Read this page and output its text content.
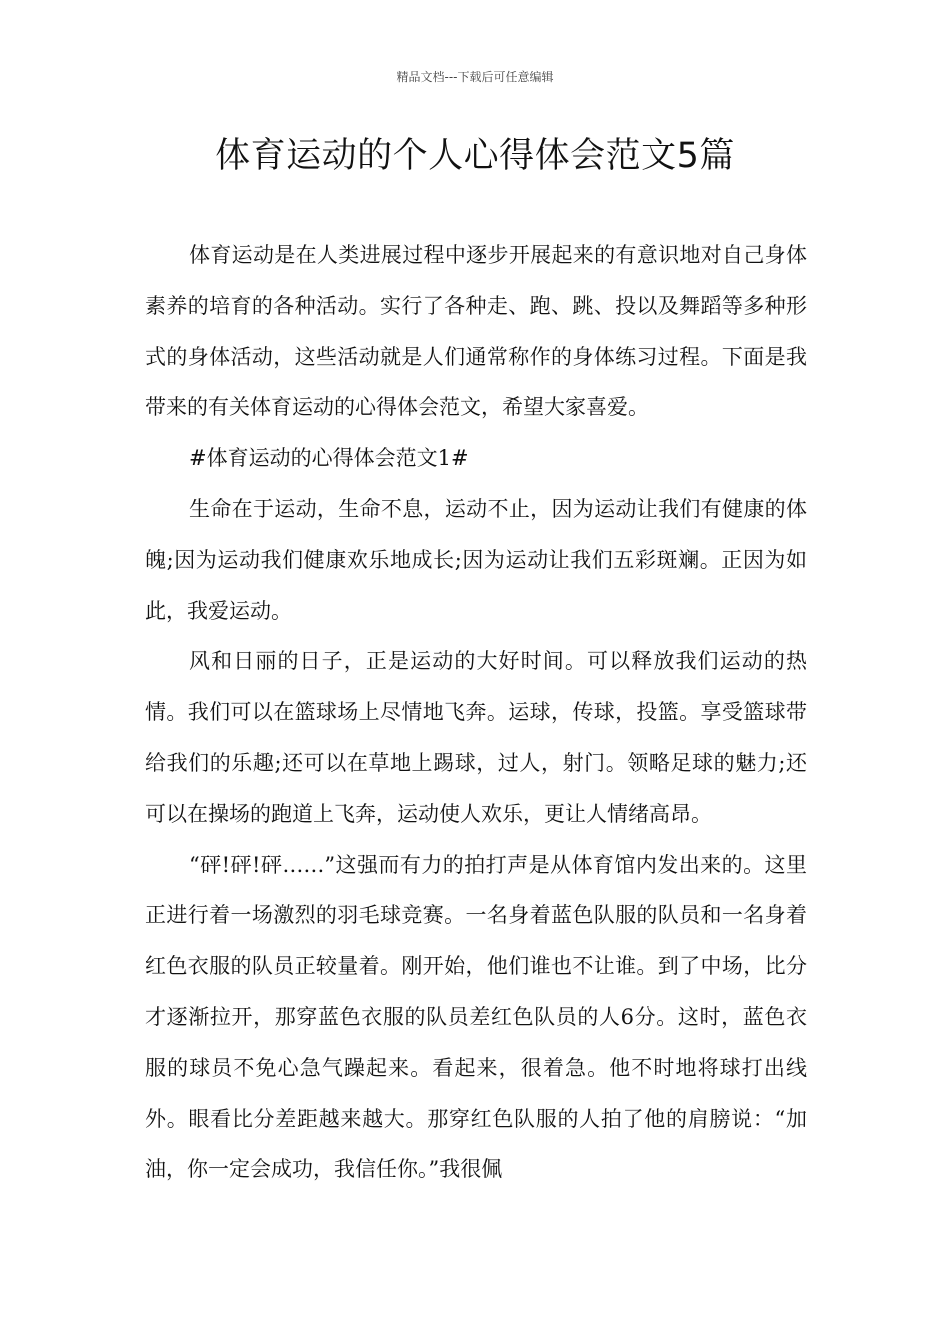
精品文档---下载后可任意编辑
体育运动的个人心得体会范文5篇

体育运动是在人类进展过程中逐步开展起来的有意识地对自己身体素养的培育的各种活动。实行了各种走、跑、跳、投以及舞蹈等多种形式的身体活动，这些活动就是人们通常称作的身体练习过程。下面是我带来的有关体育运动的心得体会范文，希望大家喜爱。

#体育运动的心得体会范文1#

生命在于运动，生命不息，运动不止，因为运动让我们有健康的体魄;因为运动我们健康欢乐地成长;因为运动让我们五彩斑斓。正因为如此，我爱运动。

风和日丽的日子，正是运动的大好时间。可以释放我们运动的热情。我们可以在篮球场上尽情地飞奔。运球，传球，投篮。享受篮球带给我们的乐趣;还可以在草地上踢球，过人，射门。领略足球的魅力;还可以在操场的跑道上飞奔，运动使人欢乐，更让人情绪高昂。

“砰!砰!砰……”这强而有力的拍打声是从体育馆内发出来的。这里正进行着一场激烈的羽毛球竞赛。一名身着蓝色队服的队员和一名身着红色衣服的队员正较量着。刚开始，他们谁也不让谁。到了中场，比分才逐渐拉开，那穿蓝色衣服的队员差红色队员的人6分。这时，蓝色衣服的球员不免心急气躁起来。看起来，很着急。他不时地将球打出线外。眼看比分差距越来越大。那穿红色队服的人拍了他的肩膀说：“加油，你一定会成功，我信任你。”我很佩
